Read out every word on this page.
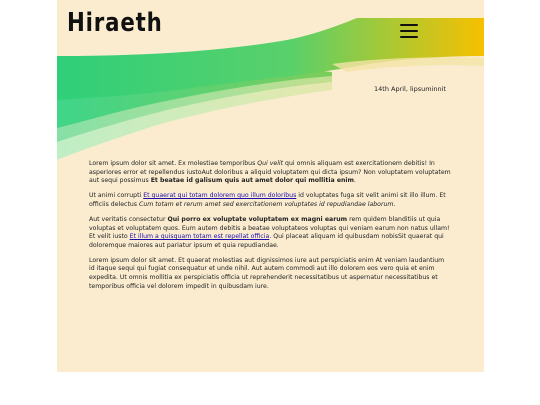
Hiraeth
14th April, lipsuminnit

Lorem ipsum dolor sit amet. Ex molestiae temporibus Qui velit qui omnis aliquam est exercitationem debitis! In asperiores error et repellendus iustoAut doloribus a aliquid voluptatem qui dicta ipsum? Non voluptatem voluptatem aut sequi possimus Et beatae id galisum quis aut amet dolor qui mollitia enim.

Ut animi corrupti Et quaerat qui totam dolorem quo illum doloribus id voluptates fuga sit velit animi sit illo illum. Et officiis delectus Cum totam et rerum amet sed exercitationem voluptates id repudiandae laborum.

Aut veritatis consectetur Qui porro ex voluptate voluptatem ex magni earum rem quidem blanditiis ut quia voluptas et voluptatem quos. Eum autem debitis a beatae voluptateos voluptas qui veniam earum non natus ullam! Et velit iusto Et illum a quisquam totam est repellat officia. Qui placeat aliquam id quibusdam nobisSit quaerat qui doloremque maiores aut pariatur ipsum et quia repudiandae.

Lorem ipsum dolor sit amet. Et quaerat molestias aut dignissimos iure aut perspiciatis enim At veniam laudantium id itaque sequi qui fugiat consequatur et unde nihil. Aut autem commodi aut illo dolorem eos vero quia et enim expedita. Ut omnis mollitia ex perspiciatis officia ut reprehenderit necessitatibus ut aspernatur necessitatibus et temporibus officia vel dolorem impedit in quibusdam iure.
